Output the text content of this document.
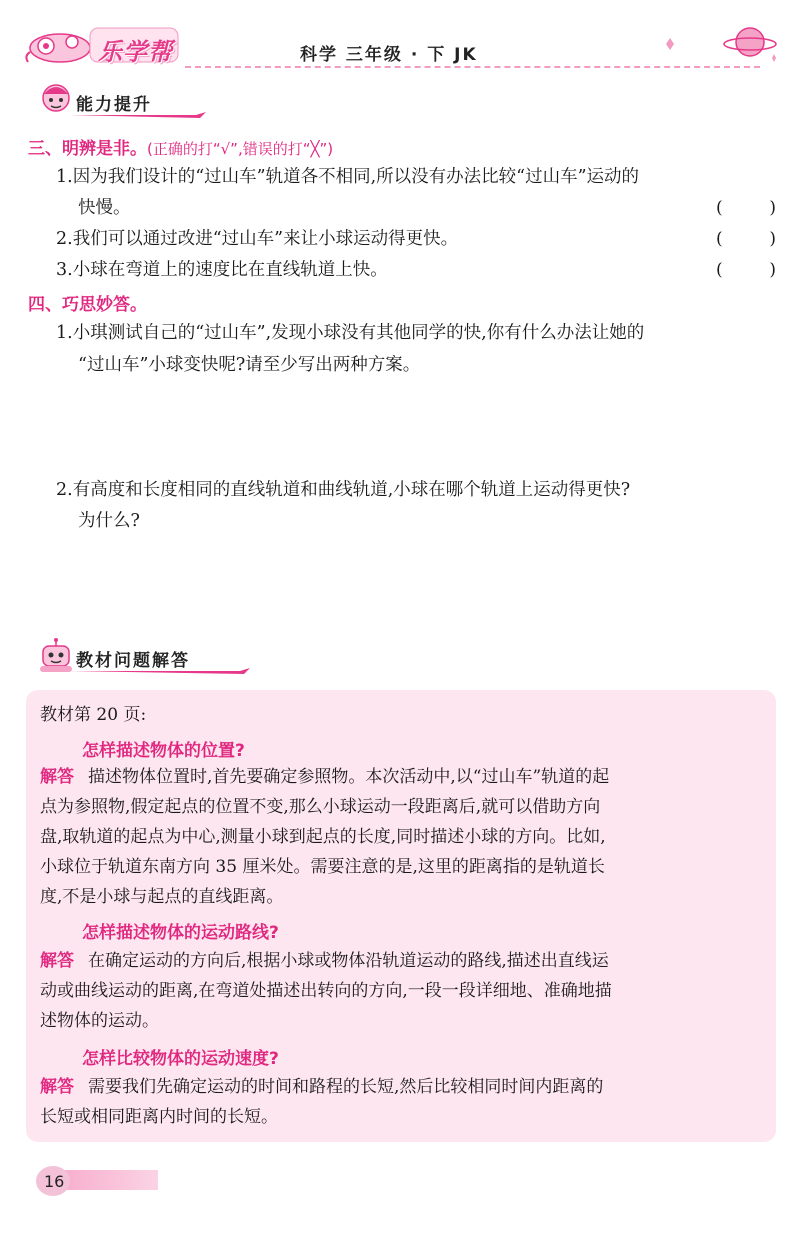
乐学帮	科学 三年级 · 下 JK
能力提升
三、明辨是非。(正确的打“√”,错误的打“╳”)
1.因为我们设计的“过山车”轨道各不相同,所以没有办法比较“过山车”运动的
快慢。	(	)
2.我们可以通过改进“过山车”来让小球运动得更快。	(	)
3.小球在弯道上的速度比在直线轨道上快。	(	)
四、巧思妙答。
1.小琪测试自己的“过山车”,发现小球没有其他同学的快,你有什么办法让她的
“过山车”小球变快呢?请至少写出两种方案。
2.有高度和长度相同的直线轨道和曲线轨道,小球在哪个轨道上运动得更快?
为什么?
教材问题解答
教材第 20 页:
怎样描述物体的位置?
解答 描述物体位置时,首先要确定参照物。本次活动中,以“过山车”轨道的起
点为参照物,假定起点的位置不变,那么小球运动一段距离后,就可以借助方向
盘,取轨道的起点为中心,测量小球到起点的长度,同时描述小球的方向。比如,
小球位于轨道东南方向 35 厘米处。需要注意的是,这里的距离指的是轨道长
度,不是小球与起点的直线距离。
怎样描述物体的运动路线?
解答 在确定运动的方向后,根据小球或物体沿轨道运动的路线,描述出直线运
动或曲线运动的距离,在弯道处描述出转向的方向,一段一段详细地、准确地描
述物体的运动。
怎样比较物体的运动速度?
解答 需要我们先确定运动的时间和路程的长短,然后比较相同时间内距离的
长短或相同距离内时间的长短。
16
